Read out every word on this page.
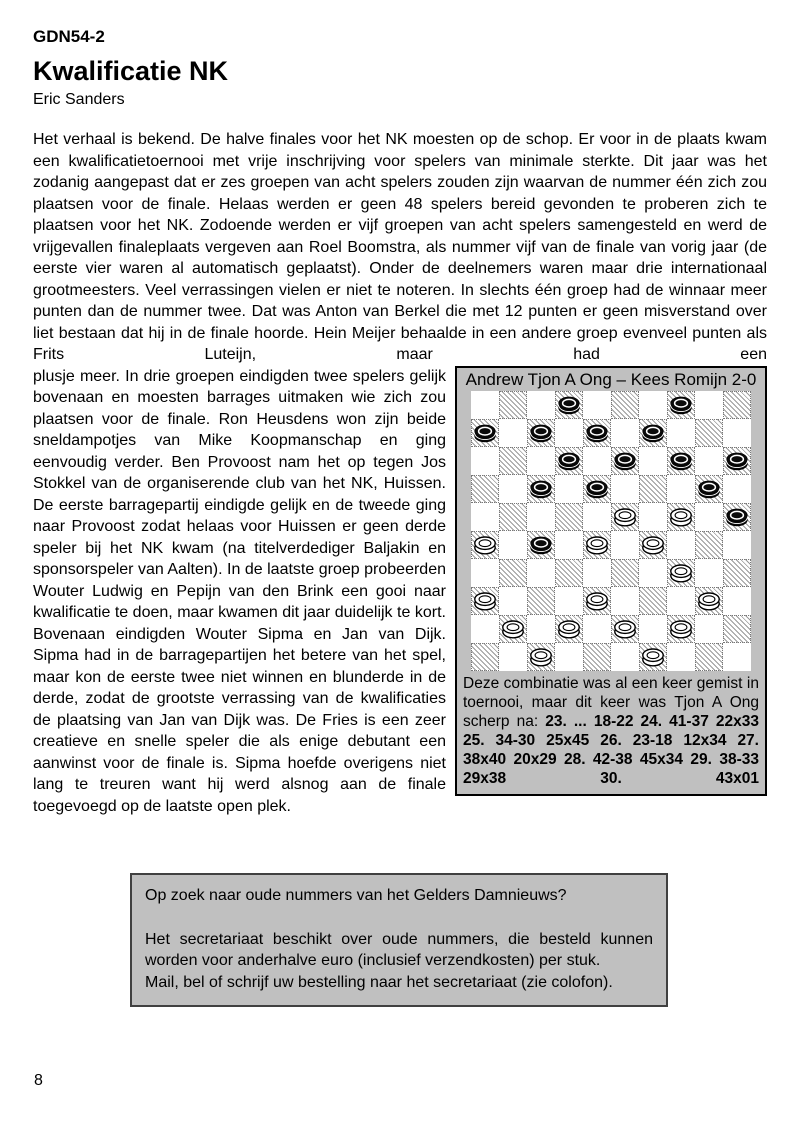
GDN54-2
Kwalificatie NK
Eric Sanders

Het verhaal is bekend. De halve finales voor het NK moesten op de schop. Er voor in de plaats kwam een kwalificatietoernooi met vrije inschrijving voor spelers van minimale sterkte. Dit jaar was het zodanig aangepast dat er zes groepen van acht spelers zouden zijn waarvan de nummer één zich zou plaatsen voor de finale. Helaas werden er geen 48 spelers bereid gevonden te proberen zich te plaatsen voor het NK. Zodoende werden er vijf groepen van acht spelers samengesteld en werd de vrijgevallen finaleplaats vergeven aan Roel Boomstra, als nummer vijf van de finale van vorig jaar (de eerste vier waren al automatisch geplaatst). Onder de deelnemers waren maar drie internationaal grootmeesters. Veel verrassingen vielen er niet te noteren. In slechts één groep had de winnaar meer punten dan de nummer twee. Dat was Anton van Berkel die met 12 punten er geen misverstand over liet bestaan dat hij in de finale hoorde. Hein Meijer behaalde in een andere groep evenveel punten als Frits Luteijn, maar had een

Andrew Tjon A Ong – Kees Romijn 2-0

Deze combinatie was al een keer gemist in toernooi, maar dit keer was Tjon A Ong scherp na: 23. ... 18-22 24. 41-37 22x33 25. 34-30 25x45 26. 23-18 12x34 27. 38x40 20x29 28. 42-38 45x34 29. 38-33 29x38 30. 43x01

plusje meer. In drie groepen eindigden twee spelers gelijk bovenaan en moesten barrages uitmaken wie zich zou plaatsen voor de finale. Ron Heusdens won zijn beide sneldampotjes van Mike Koopmanschap en ging eenvoudig verder. Ben Provoost nam het op tegen Jos Stokkel van de organiserende club van het NK, Huissen. De eerste barragepartij eindigde gelijk en de tweede ging naar Provoost zodat helaas voor Huissen er geen derde speler bij het NK kwam (na titelverdediger Baljakin en sponsorspeler van Aalten). In de laatste groep probeerden Wouter Ludwig en Pepijn van den Brink een gooi naar kwalificatie te doen, maar kwamen dit jaar duidelijk te kort. Bovenaan eindigden Wouter Sipma en Jan van Dijk. Sipma had in de barragepartijen het betere van het spel, maar kon de eerste twee niet winnen en blunderde in de derde, zodat de grootste verrassing van de kwalificaties de plaatsing van Jan van Dijk was. De Fries is een zeer creatieve en snelle speler die als enige debutant een aanwinst voor de finale is. Sipma hoefde overigens niet lang te treuren want hij werd alsnog aan de finale toegevoegd op de laatste open plek.

Op zoek naar oude nummers van het Gelders Damnieuws?
Het secretariaat beschikt over oude nummers, die besteld kunnen worden voor anderhalve euro (inclusief verzendkosten) per stuk.
Mail, bel of schrijf uw bestelling naar het secretariaat (zie colofon).
8
